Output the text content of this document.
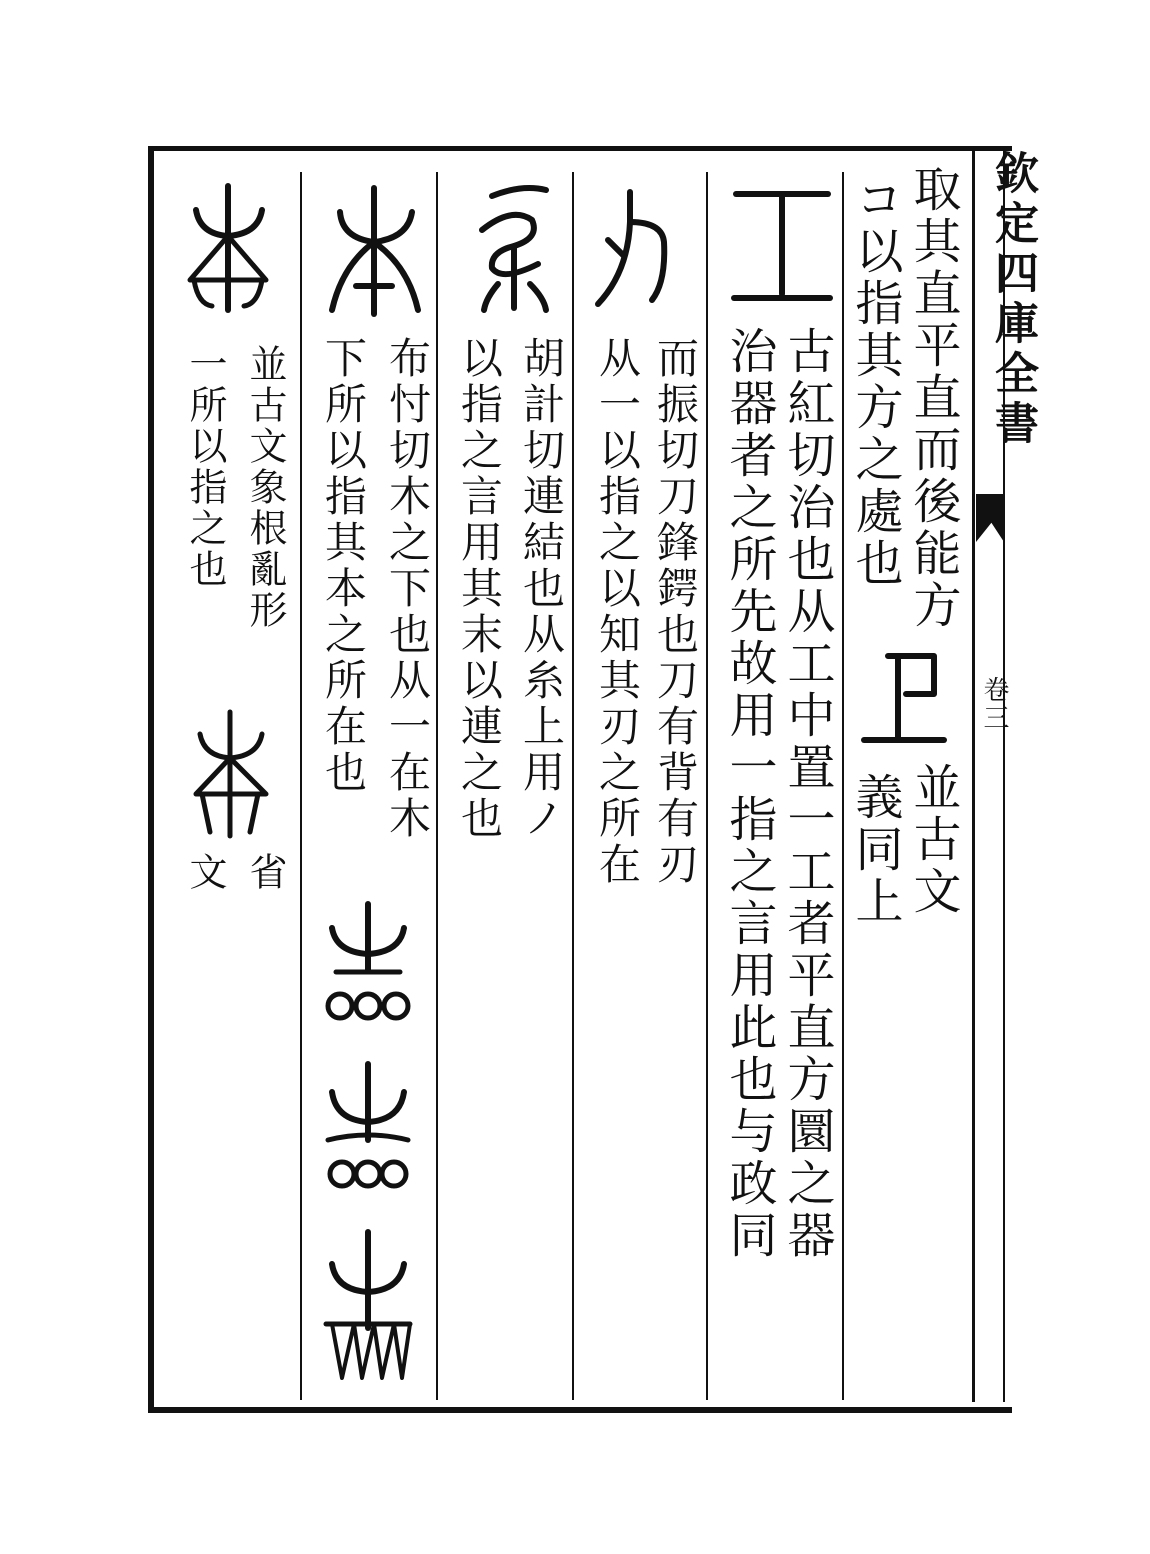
欽定四庫全書
卷三
取其直平直而後能方
コ以指其方之處也
並古文
義同上
古紅切治也从工中置一工者平直方圜之器
治器者之所先故用一指之言用此也与政同
而振切刀鋒鍔也刀有背有刃
从一以指之以知其刃之所在
胡計切連結也从糸上用ノ
以指之言用其末以連之也
布忖切木之下也从一在木
下所以指其本之所在也
並古文象根亂形
一所以指之也
省
文
